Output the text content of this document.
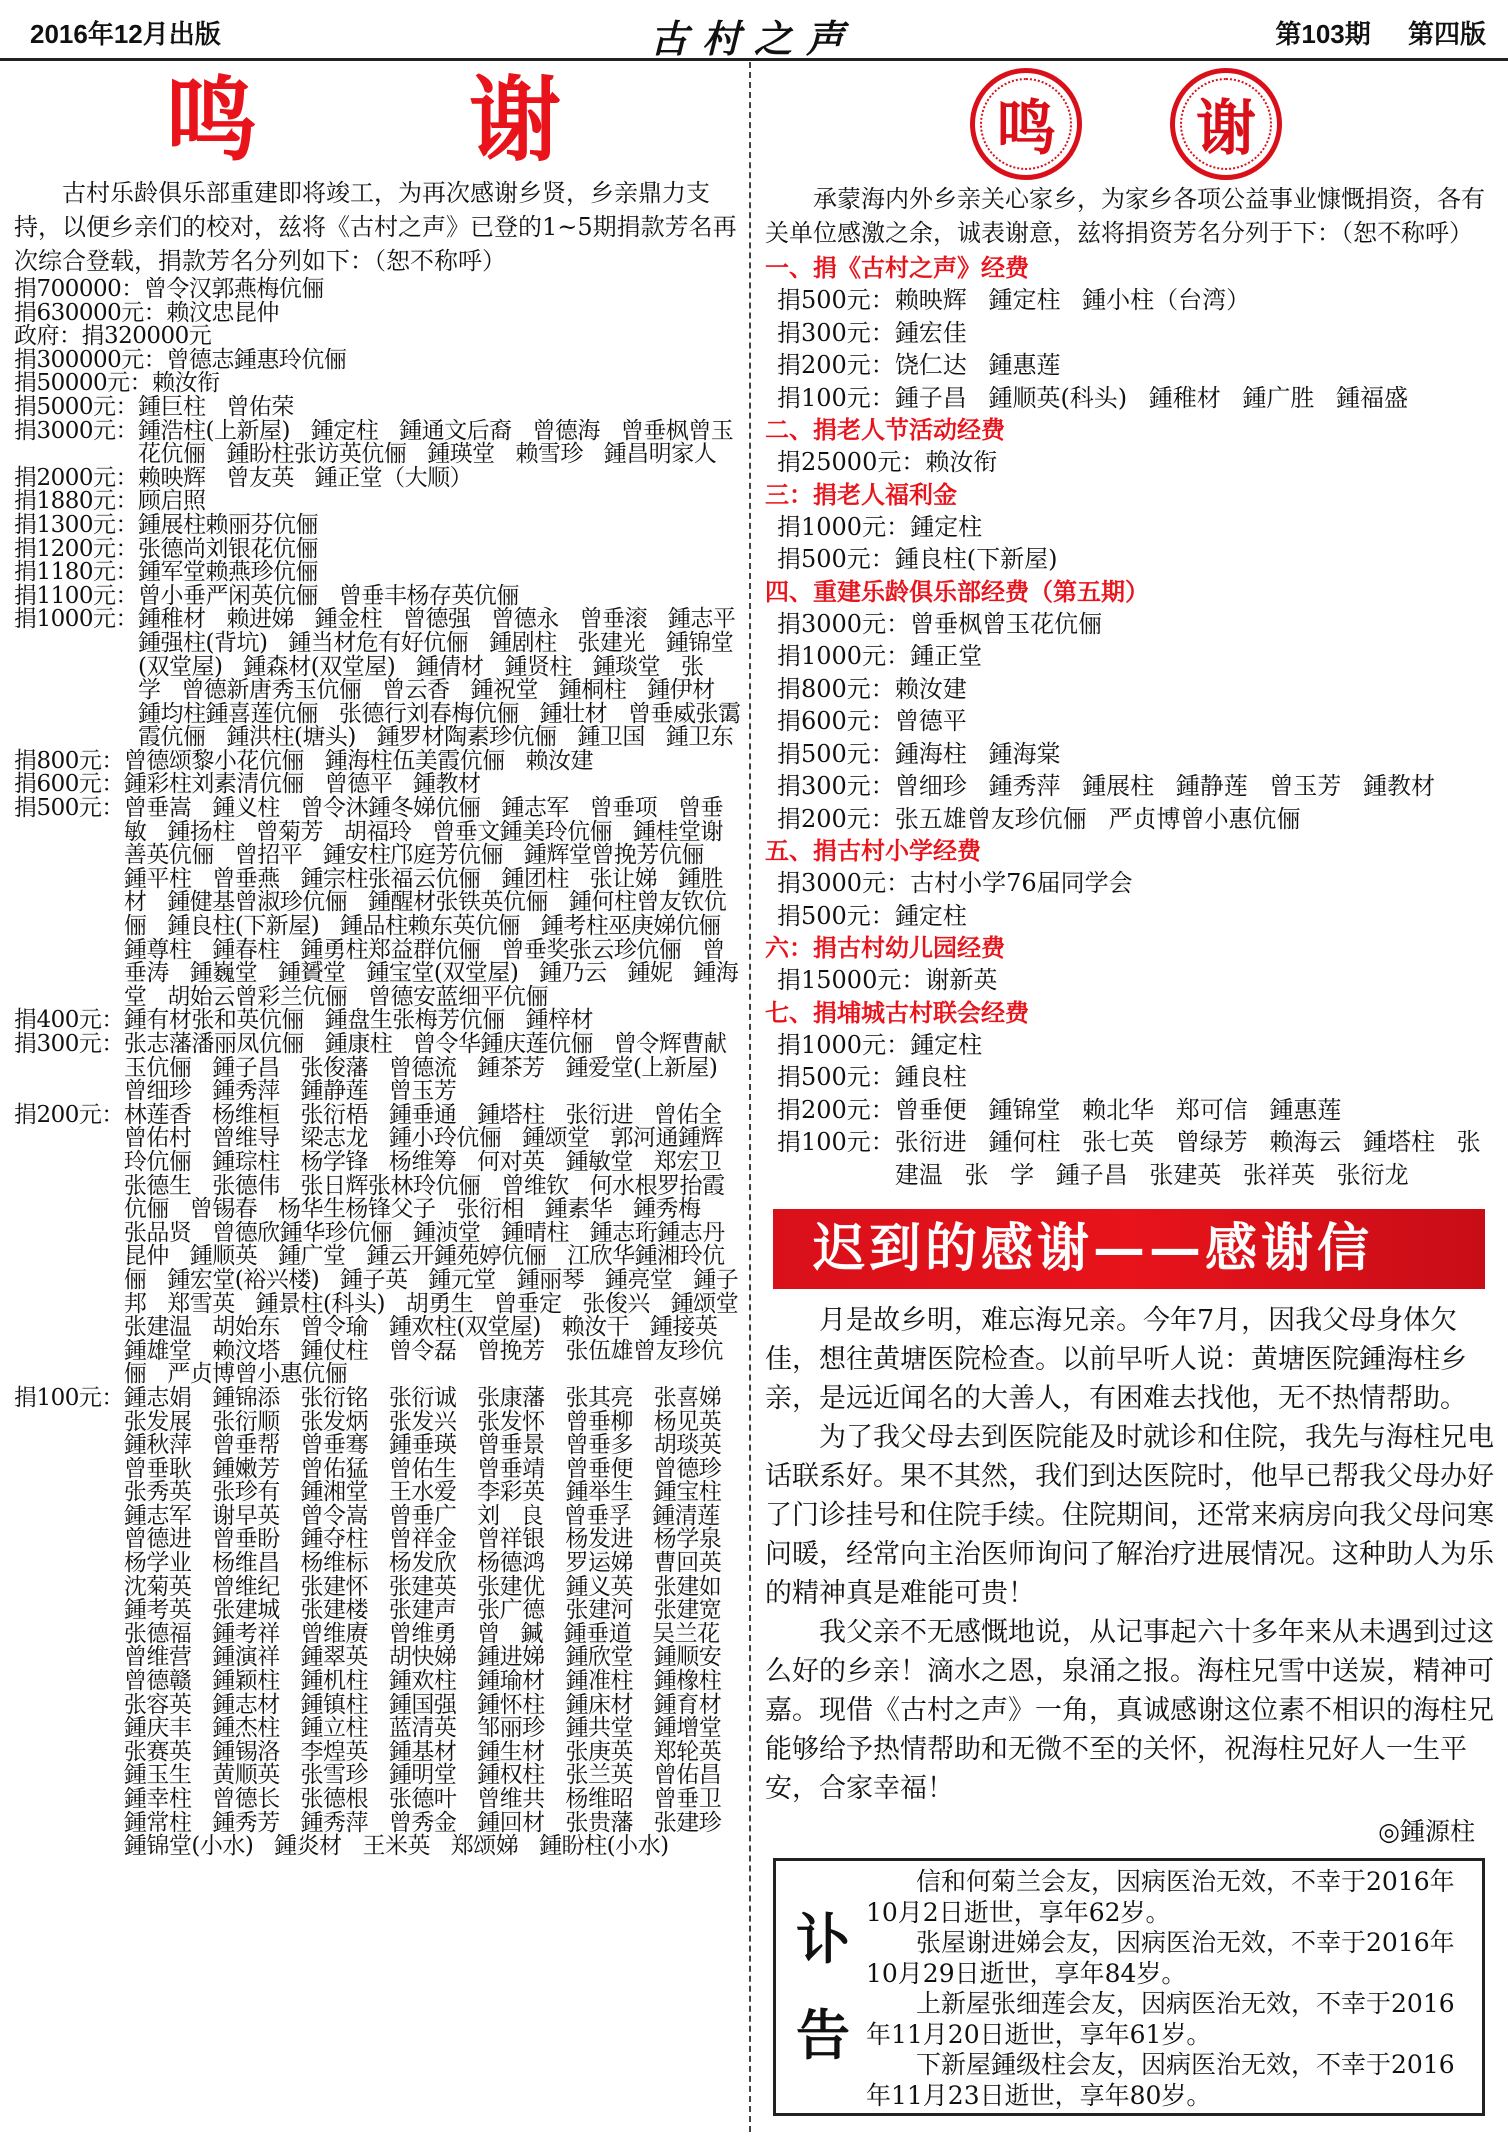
2016年12月出版	古村之声	第103期 第四版
鸣 谢

古村乐龄俱乐部重建即将竣工，为再次感谢乡贤，乡亲鼎力支持，以便乡亲们的校对，兹将《古村之声》已登的1~5期捐款芳名再次综合登载，捐款芳名分列如下：（恕不称呼）

捐700000： 曾令汉郭燕梅伉俪
捐630000元： 赖汶忠昆仲
政府： 捐320000元
捐300000元： 曾德志鍾惠玲伉俪
捐50000元： 赖汝衔
捐5000元： 鍾巨柱 曾佑荣
捐3000元： 鍾浩柱(上新屋) 鍾定柱 鍾通文后裔 曾德海 曾垂枫曾玉花伉俪 鍾盼柱张访英伉俪 鍾瑛堂 赖雪珍 鍾昌明家人
捐2000元： 赖映辉 曾友英 鍾正堂（大顺）
捐1880元： 顾启照
捐1300元： 鍾展柱赖丽芬伉俪
捐1200元： 张德尚刘银花伉俪
捐1180元： 鍾军堂赖燕珍伉俪
捐1100元： 曾小垂严闲英伉俪 曾垂丰杨存英伉俪
捐1000元： 鍾稚材 赖进娣 鍾金柱 曾德强 曾德永 曾垂滚 鍾志平 鍾强柱(背坑) 鍾当材危有好伉俪 鍾剧柱 张建光 鍾锦堂(双堂屋) 鍾森材(双堂屋) 鍾倩材 鍾贤柱 鍾琰堂 张 学 曾德新唐秀玉伉俪 曾云香 鍾祝堂 鍾桐柱 鍾伊材 鍾均柱鍾喜莲伉俪 张德行刘春梅伉俪 鍾壮材 曾垂威张霭霞伉俪 鍾洪柱(塘头) 鍾罗材陶素珍伉俪 鍾卫国 鍾卫东
捐800元： 曾德颂黎小花伉俪 鍾海柱伍美霞伉俪 赖汝建
捐600元： 鍾彩柱刘素清伉俪 曾德平 鍾教材
捐500元： 曾垂嵩 鍾义柱 曾令沐鍾冬娣伉俪 鍾志军 曾垂项 曾垂敏 鍾扬柱 曾菊芳 胡福玲 曾垂文鍾美玲伉俪 鍾桂堂谢善英伉俪 曾招平 鍾安柱邝庭芳伉俪 鍾辉堂曾挽芳伉俪 鍾平柱 曾垂燕 鍾宗柱张福云伉俪 鍾团柱 张让娣 鍾胜材 鍾健基曾淑珍伉俪 鍾醒材张铁英伉俪 鍾何柱曾友钦伉俪 鍾良柱(下新屋) 鍾品柱赖东英伉俪 鍾考柱巫庚娣伉俪 鍾尊柱 鍾春柱 鍾勇柱郑益群伉俪 曾垂奖张云珍伉俪 曾垂涛 鍾巍堂 鍾贇堂 鍾宝堂(双堂屋) 鍾乃云 鍾妮 鍾海堂 胡始云曾彩兰伉俪 曾德安蓝细平伉俪
捐400元： 鍾有材张和英伉俪 鍾盘生张梅芳伉俪 鍾梓材
捐300元： 张志藩潘丽凤伉俪 鍾康柱 曾令华鍾庆莲伉俪 曾令辉曹献玉伉俪 鍾子昌 张俊藩 曾德流 鍾茶芳 鍾爱堂(上新屋) 曾细珍 鍾秀萍 鍾静莲 曾玉芳
捐200元： 林莲香 杨维桓 张衍梧 鍾垂通 鍾塔柱 张衍进 曾佑全 曾佑村 曾维导 梁志龙 鍾小玲伉俪 鍾颂堂 郭河通鍾辉玲伉俪 鍾琮柱 杨学锋 杨维筹 何对英 鍾敏堂 郑宏卫 张德生 张德伟 张日辉张林玲伉俪 曾维钦 何水根罗抬霞伉俪 曾锡春 杨华生杨锋父子 张衍相 鍾素华 鍾秀梅 张品贤 曾德欣鍾华珍伉俪 鍾浈堂 鍾晴柱 鍾志珩鍾志丹昆仲 鍾顺英 鍾广堂 鍾云开鍾苑婷伉俪 江欣华鍾湘玲伉俪 鍾宏堂(裕兴楼) 鍾子英 鍾元堂 鍾丽琴 鍾亮堂 鍾子邦 郑雪英 鍾景柱(科头) 胡勇生 曾垂定 张俊兴 鍾颂堂 张建温 胡始东 曾令瑜 鍾欢柱(双堂屋) 赖汝干 鍾接英 鍾雄堂 赖汶塔 鍾仗柱 曾令磊 曾挽芳 张伍雄曾友珍伉俪 严贞博曾小惠伉俪
捐100元： 鍾志娟 鍾锦添 张衍铭 张衍诚 张康藩 张其亮 张喜娣 张发展 张衍顺 张发炳 张发兴 张发怀 曾垂柳 杨见英 鍾秋萍 曾垂帮 曾垂骞 鍾垂瑛 曾垂景 曾垂多 胡琰英 曾垂耿 鍾嫩芳 曾佑猛 曾佑生 曾垂靖 曾垂便 曾德珍 张秀英 张珍有 鍾湘堂 王水爱 李彩英 鍾举生 鍾宝柱 鍾志军 谢早英 曾令嵩 曾垂广 刘 良 曾垂孚 鍾清莲 曾德进 曾垂盼 鍾夺柱 曾祥金 曾祥银 杨发进 杨学泉 杨学业 杨维昌 杨维标 杨发欣 杨德鸿 罗运娣 曹回英 沈菊英 曾维纪 张建怀 张建英 张建优 鍾义英 张建如 鍾考英 张建城 张建楼 张建声 张广德 张建河 张建宽 张德福 鍾考祥 曾维赓 曾维勇 曾 鍼 鍾垂道 吴兰花 曾维营 鍾演祥 鍾翠英 胡快娣 鍾进娣 鍾欣堂 鍾顺安 曾德赣 鍾颖柱 鍾机柱 鍾欢柱 鍾瑜材 鍾准柱 鍾橡柱 张容英 鍾志材 鍾镇柱 鍾国强 鍾怀柱 鍾床材 鍾育材 鍾庆丰 鍾杰柱 鍾立柱 蓝清英 邹丽珍 鍾共堂 鍾增堂 张赛英 鍾锡洛 李煌英 鍾基材 鍾生材 张庚英 郑轮英 鍾玉生 黄顺英 张雪珍 鍾明堂 鍾权柱 张兰英 曾佑昌 鍾幸柱 曾德长 张德根 张德叶 曾维共 杨维昭 曾垂卫 鍾常柱 鍾秀芳 鍾秀萍 曾秀金 鍾回材 张贵藩 张建珍 鍾锦堂(小水) 鍾炎材 王米英 郑颂娣 鍾盼柱(小水)
鸣 谢

承蒙海内外乡亲关心家乡，为家乡各项公益事业慷慨捐资，各有关单位感激之余，诚表谢意，兹将捐资芳名分列于下：（恕不称呼）

一、捐《古村之声》经费
捐500元： 赖映辉 鍾定柱 鍾小柱（台湾）
捐300元： 鍾宏佳
捐200元： 饶仁达 鍾惠莲
捐100元： 鍾子昌 鍾顺英(科头) 鍾稚材 鍾广胜 鍾福盛
二、捐老人节活动经费
捐25000元： 赖汝衔
三：捐老人福利金
捐1000元： 鍾定柱
捐500元： 鍾良柱(下新屋)
四、重建乐龄俱乐部经费（第五期）
捐3000元： 曾垂枫曾玉花伉俪
捐1000元： 鍾正堂
捐800元： 赖汝建
捐600元： 曾德平
捐500元： 鍾海柱 鍾海棠
捐300元： 曾细珍 鍾秀萍 鍾展柱 鍾静莲 曾玉芳 鍾教材
捐200元： 张五雄曾友珍伉俪 严贞博曾小惠伉俪
五、捐古村小学经费
捐3000元： 古村小学76届同学会
捐500元： 鍾定柱
六：捐古村幼儿园经费
捐15000元： 谢新英
七、捐埔城古村联会经费
捐1000元： 鍾定柱
捐500元： 鍾良柱
捐200元： 曾垂便 鍾锦堂 赖北华 郑可信 鍾惠莲
捐100元： 张衍进 鍾何柱 张七英 曾绿芳 赖海云 鍾塔柱 张建温 张 学 鍾子昌 张建英 张祥英 张衍龙
迟到的感谢——感谢信

月是故乡明，难忘海兄亲。今年7月，因我父母身体欠佳，想往黄塘医院检查。以前早听人说：黄塘医院鍾海柱乡亲，是远近闻名的大善人，有困难去找他，无不热情帮助。

为了我父母去到医院能及时就诊和住院，我先与海柱兄电话联系好。果不其然，我们到达医院时，他早已帮我父母办好了门诊挂号和住院手续。住院期间，还常来病房向我父母问寒问暖，经常向主治医师询问了解治疗进展情况。这种助人为乐的精神真是难能可贵！

我父亲不无感慨地说，从记事起六十多年来从未遇到过这么好的乡亲！滴水之恩，泉涌之报。海柱兄雪中送炭，精神可嘉。现借《古村之声》一角，真诚感谢这位素不相识的海柱兄能够给予热情帮助和无微不至的关怀，祝海柱兄好人一生平安，合家幸福！

◎鍾源柱
讣告

信和何菊兰会友，因病医治无效，不幸于2016年10月2日逝世，享年62岁。

张屋谢进娣会友，因病医治无效，不幸于2016年10月29日逝世，享年84岁。

上新屋张细莲会友，因病医治无效，不幸于2016年11月20日逝世，享年61岁。

下新屋鍾级柱会友，因病医治无效，不幸于2016年11月23日逝世，享年80岁。
